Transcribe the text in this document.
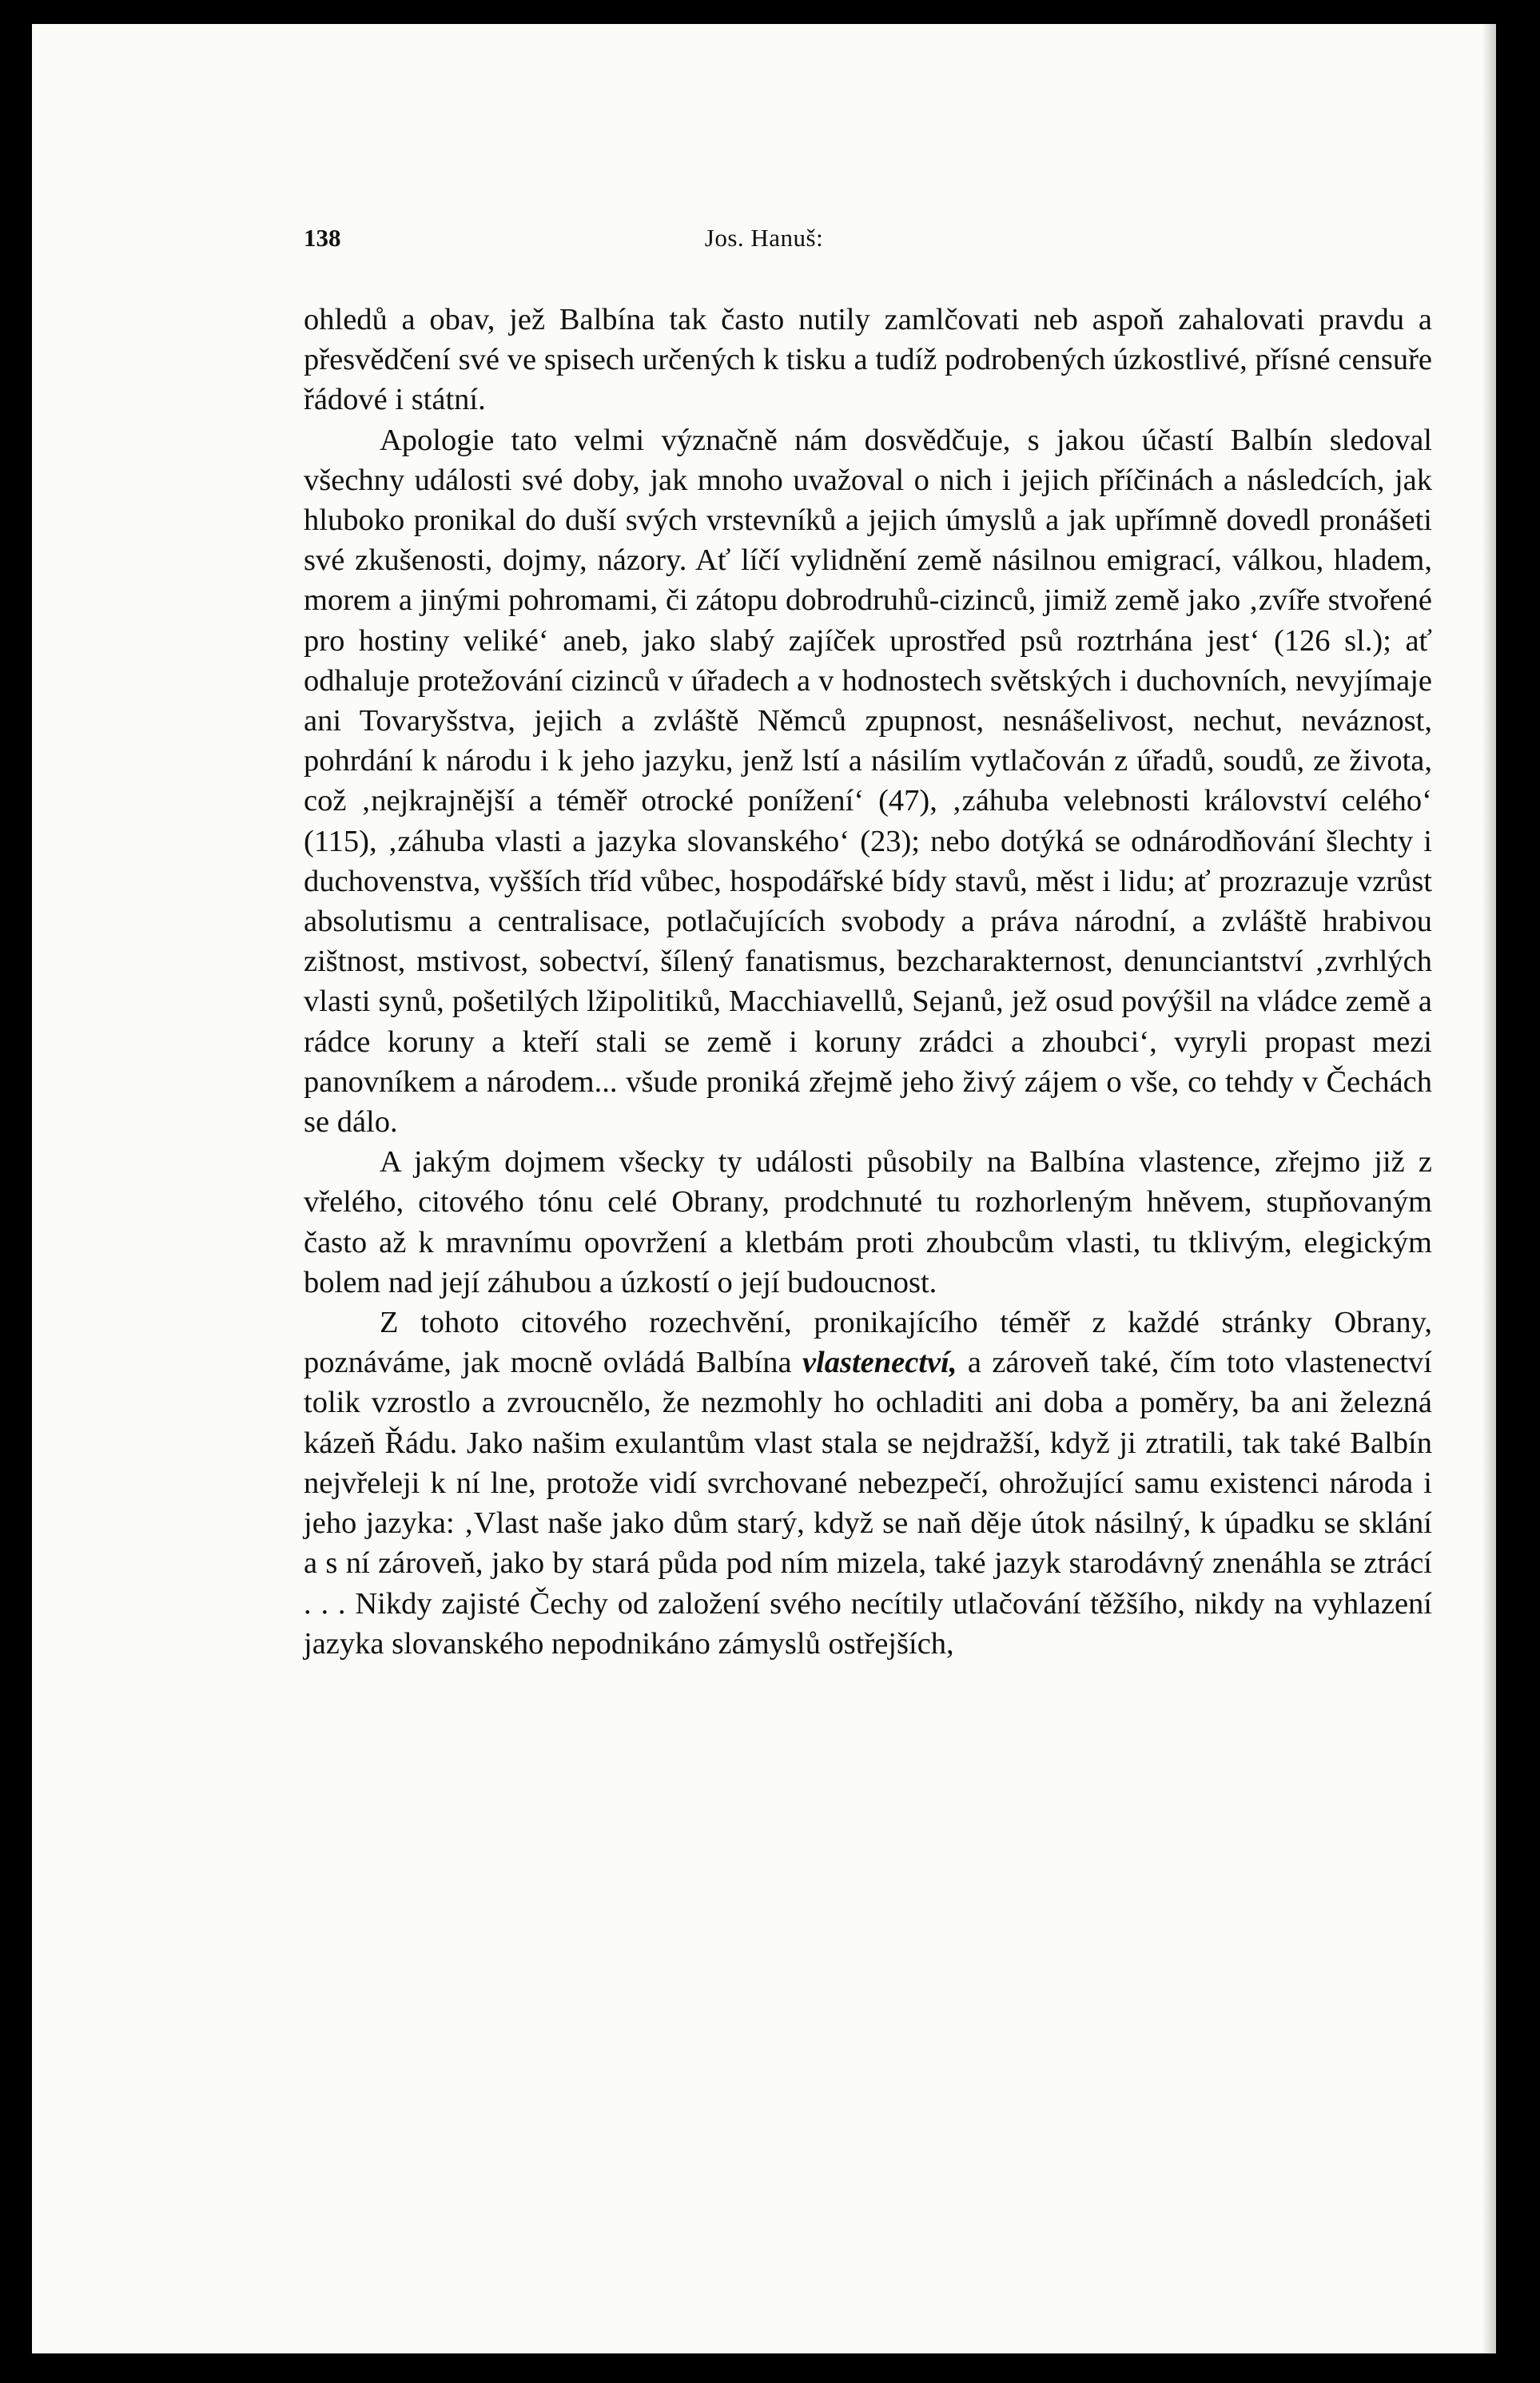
138	Jos. Hanuš:

ohledů a obav, jež Balbína tak často nutily zamlčovati neb aspoň zahalovati pravdu a přesvědčení své ve spisech určených k tisku a tudíž podrobených úzkostlivé, přísné censuře řádové i státní.

Apologie tato velmi význačně nám dosvědčuje, s jakou účastí Balbín sledoval všechny události své doby, jak mnoho uvažoval o nich i jejich příčinách a následcích, jak hluboko pronikal do duší svých vrstevníků a jejich úmyslů a jak upřímně dovedl pronášeti své zkušenosti, dojmy, názory. Ať líčí vylidnění země násilnou emigrací, válkou, hladem, morem a jinými pohromami, či zátopu dobrodruhů-cizinců, jimiž země jako ‚zvíře stvořené pro hostiny veliké‘ aneb, jako slabý zajíček uprostřed psů roztrhána jest‘ (126 sl.); ať odhaluje protežování cizinců v úřadech a v hodnostech světských i duchovních, nevyjímaje ani Tovaryšstva, jejich a zvláště Němců zpupnost, nesnášelivost, nechut, neváznost, pohrdání k národu i k jeho jazyku, jenž lstí a násilím vytlačován z úřadů, soudů, ze života, což ‚nejkrajnější a téměř otrocké ponížení‘ (47), ‚záhuba velebnosti království celého‘ (115), ‚záhuba vlasti a jazyka slovanského‘ (23); nebo dotýká se odnárodňování šlechty i duchovenstva, vyšších tříd vůbec, hospodářské bídy stavů, měst i lidu; ať prozrazuje vzrůst absolutismu a centralisace, potlačujících svobody a práva národní, a zvláště hrabivou zištnost, mstivost, sobectví, šílený fanatismus, bezcharakternost, denunciantství ‚zvrhlých vlasti synů, pošetilých lžipolitiků, Macchiavellů, Sejanů, jež osud povýšil na vládce země a rádce koruny a kteří stali se země i koruny zrádci a zhoubci‘, vyryli propast mezi panovníkem a národem... všude proniká zřejmě jeho živý zájem o vše, co tehdy v Čechách se dálo.

A jakým dojmem všecky ty události působily na Balbína vlastence, zřejmo již z vřelého, citového tónu celé Obrany, prodchnuté tu rozhorleným hněvem, stupňovaným často až k mravnímu opovržení a kletbám proti zhoubcům vlasti, tu tklivým, elegickým bolem nad její záhubou a úzkostí o její budoucnost.

Z tohoto citového rozechvění, pronikajícího téměř z každé stránky Obrany, poznáváme, jak mocně ovládá Balbína vlastenectví, a zároveň také, čím toto vlastenectví tolik vzrostlo a zvroucnělo, že nezmohly ho ochladiti ani doba a poměry, ba ani železná kázeň Řádu. Jako našim exulantům vlast stala se nejdražší, když ji ztratili, tak také Balbín nejvřeleji k ní lne, protože vidí svrchované nebezpečí, ohrožující samu existenci národa i jeho jazyka: ‚Vlast naše jako dům starý, když se naň děje útok násilný, k úpadku se sklání a s ní zároveň, jako by stará půda pod ním mizela, také jazyk starodávný znenáhla se ztrácí . . . Nikdy zajisté Čechy od založení svého necítily utlačování těžšího, nikdy na vyhlazení jazyka slovanského nepodnikáno zámyslů ostřejších,
